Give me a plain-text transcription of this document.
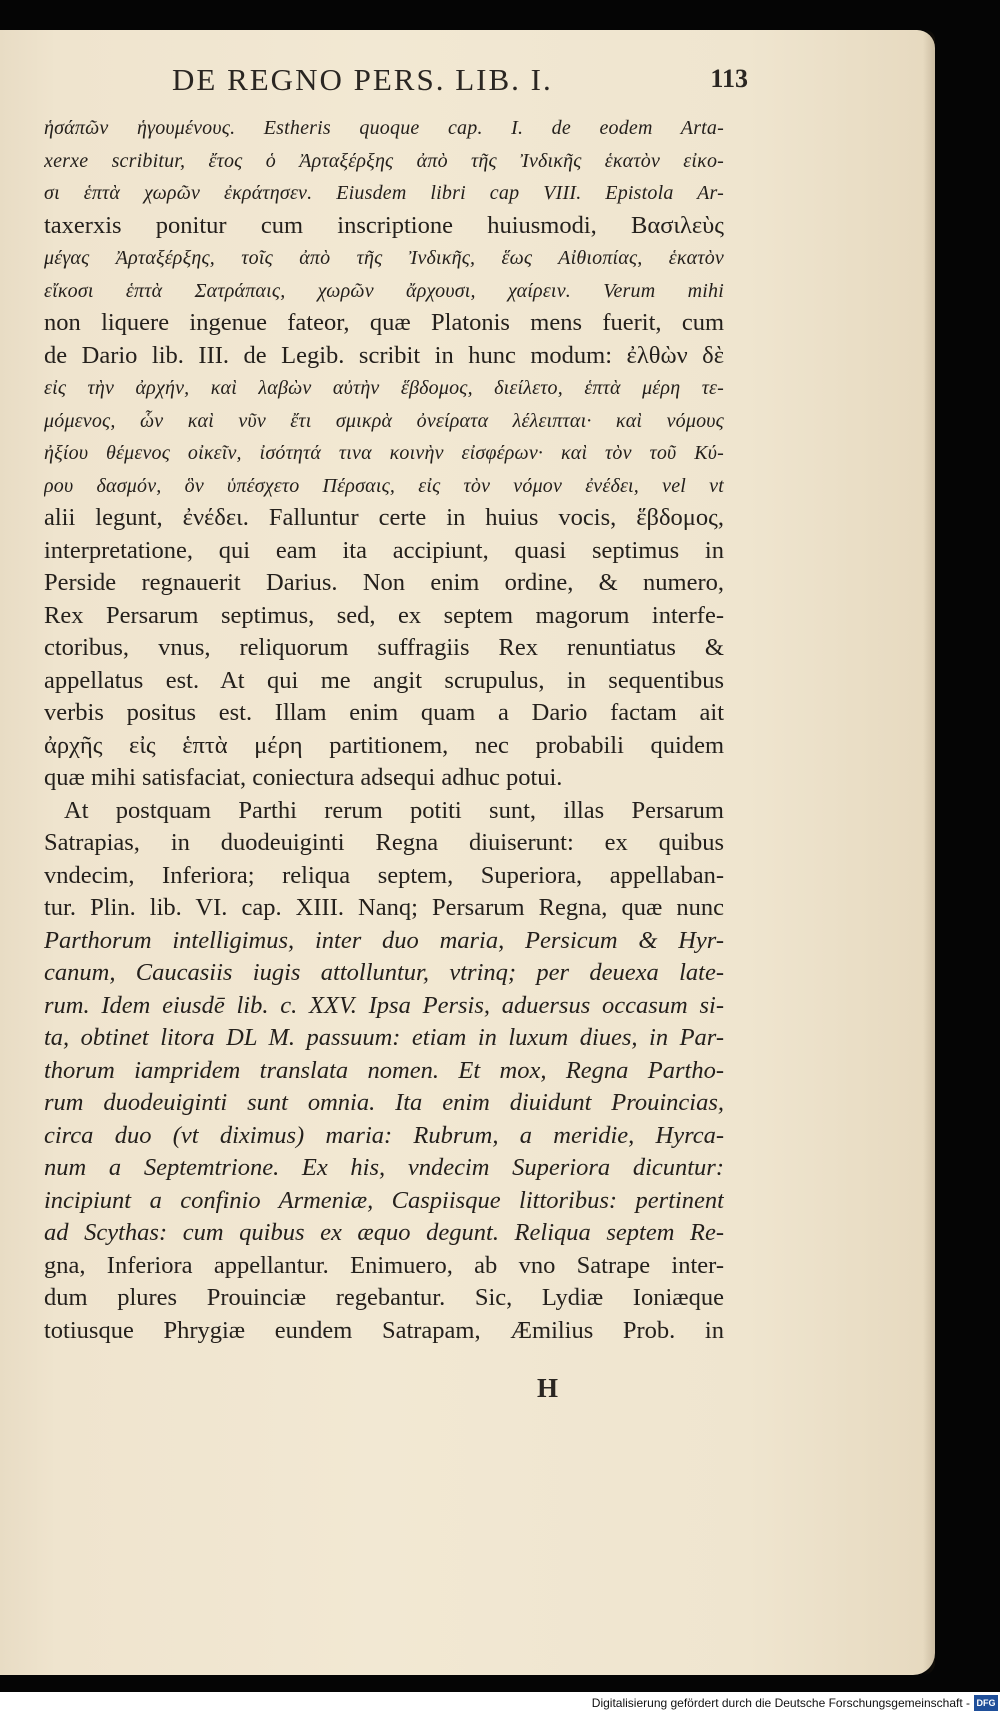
DE REGNO PERS. LIB. I.	113
ἡσάπῶν ἡγουμένους. Estheris quoque cap. I. de eodem Arta-
xerxe scribitur, ἔτος ὁ Ἀρταξέρξης ἀπὸ τῆς Ἰνδικῆς ἑκατὸν εἰκο-
σι ἑπτὰ χωρῶν ἐκράτησεν. Eiusdem libri cap VIII. Epistola Ar-
taxerxis ponitur cum inscriptione huiusmodi, Βασιλεὺς
μέγας Ἀρταξέρξης, τοῖς ἀπὸ τῆς Ἰνδικῆς, ἕως Αἰθιοπίας, ἑκατὸν
εἴκοσι ἑπτὰ Σατράπαις, χωρῶν ἄρχουσι, χαίρειν. Verum mihi
non liquere ingenue fateor, quæ Platonis mens fuerit, cum
de Dario lib. III. de Legib. scribit in hunc modum: ἐλθὼν δὲ
εἰς τὴν ἀρχήν, καὶ λαβὼν αὐτὴν ἕβδομος, διείλετο, ἑπτὰ μέρη τε-
μόμενος, ὧν καὶ νῦν ἔτι σμικρὰ ὀνείρατα λέλειπται· καὶ νόμους
ἠξίου θέμενος οἰκεῖν, ἰσότητά τινα κοινὴν εἰσφέρων· καὶ τὸν τοῦ Κύ-
ρου δασμόν, ὃν ὑπέσχετο Πέρσαις, εἰς τὸν νόμον ἐνέδει, vel vt
alii legunt, ἐνέδει. Falluntur certe in huius vocis, ἕβδομος,
interpretatione, qui eam ita accipiunt, quasi septimus in
Perside regnauerit Darius. Non enim ordine, & numero,
Rex Persarum septimus, sed, ex septem magorum interfe-
ctoribus, vnus, reliquorum suffragiis Rex renuntiatus &
appellatus est. At qui me angit scrupulus, in sequentibus
verbis positus est. Illam enim quam a Dario factam ait
ἀρχῆς εἰς ἑπτὰ μέρη partitionem, nec probabili quidem
quæ mihi satisfaciat, coniectura adsequi adhuc potui.
At postquam Parthi rerum potiti sunt, illas Persarum
Satrapias, in duodeuiginti Regna diuiserunt: ex quibus
vndecim, Inferiora; reliqua septem, Superiora, appellaban-
tur. Plin. lib. VI. cap. XIII. Nanq; Persarum Regna, quæ nunc
Parthorum intelligimus, inter duo maria, Persicum & Hyr-
canum, Caucasiis iugis attolluntur, vtrinq; per deuexa late-
rum. Idem eiusdē lib. c. XXV. Ipsa Persis, aduersus occasum si-
ta, obtinet litora DL M. passuum: etiam in luxum diues, in Par-
thorum iampridem translata nomen. Et mox, Regna Partho-
rum duodeuiginti sunt omnia. Ita enim diuidunt Prouincias,
circa duo (vt diximus) maria: Rubrum, a meridie, Hyrca-
num a Septemtrione. Ex his, vndecim Superiora dicuntur:
incipiunt a confinio Armeniæ, Caspiisque littoribus: pertinent
ad Scythas: cum quibus ex æquo degunt. Reliqua septem Re-
gna, Inferiora appellantur. Enimuero, ab vno Satrape inter-
dum plures Prouinciæ regebantur. Sic, Lydiæ Ioniæque
totiusque Phrygiæ eundem Satrapam, Æmilius Prob. in
H
Digitalisierung gefördert durch die Deutsche Forschungsgemeinschaft - DFG
